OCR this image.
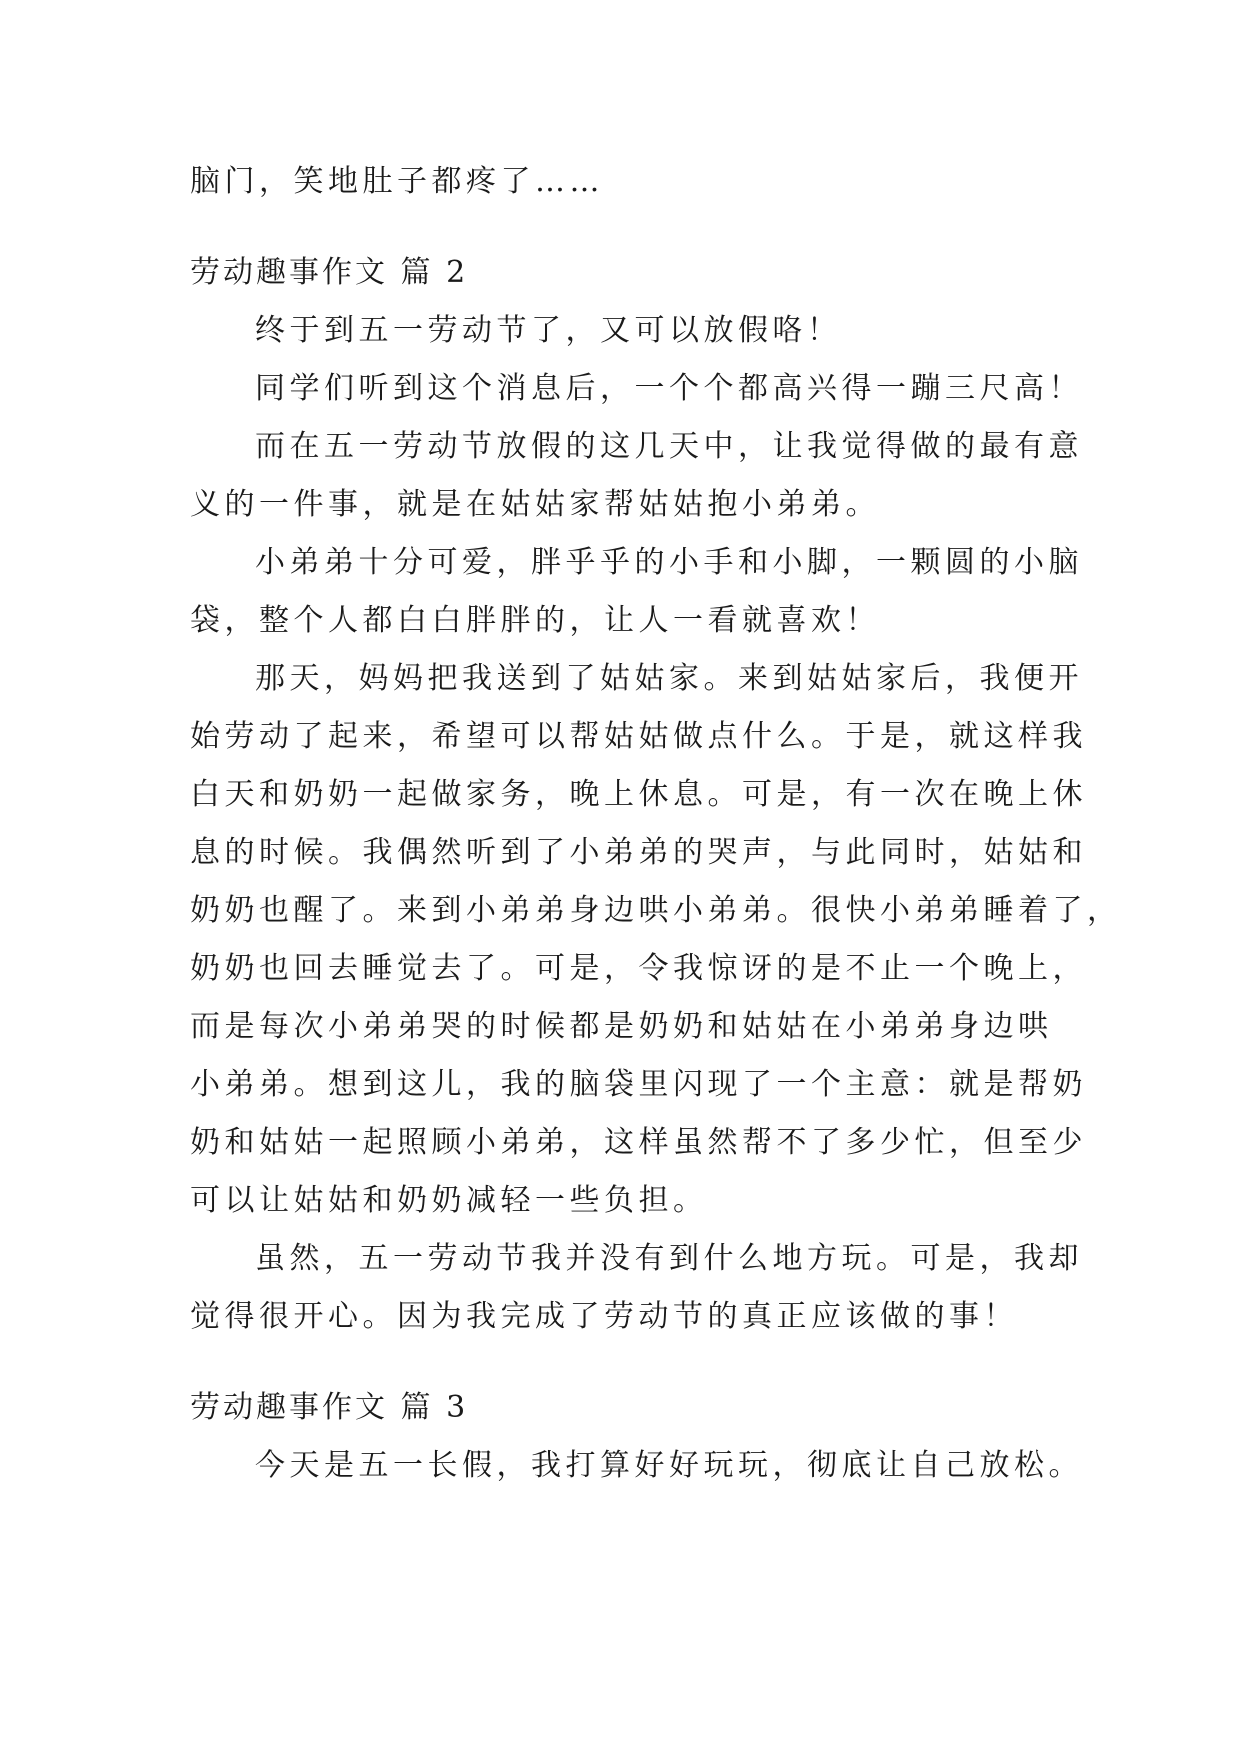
脑门，笑地肚子都疼了……
劳动趣事作文 篇 2
终于到五一劳动节了，又可以放假咯！
同学们听到这个消息后，一个个都高兴得一蹦三尺高！
而在五一劳动节放假的这几天中，让我觉得做的最有意
义的一件事，就是在姑姑家帮姑姑抱小弟弟。
小弟弟十分可爱，胖乎乎的小手和小脚，一颗圆的小脑
袋，整个人都白白胖胖的，让人一看就喜欢！
那天，妈妈把我送到了姑姑家。来到姑姑家后，我便开
始劳动了起来，希望可以帮姑姑做点什么。于是，就这样我
白天和奶奶一起做家务，晚上休息。可是，有一次在晚上休
息的时候。我偶然听到了小弟弟的哭声，与此同时，姑姑和
奶奶也醒了。来到小弟弟身边哄小弟弟。很快小弟弟睡着了，
奶奶也回去睡觉去了。可是，令我惊讶的是不止一个晚上，
而是每次小弟弟哭的时候都是奶奶和姑姑在小弟弟身边哄
小弟弟。想到这儿，我的脑袋里闪现了一个主意：就是帮奶
奶和姑姑一起照顾小弟弟，这样虽然帮不了多少忙，但至少
可以让姑姑和奶奶减轻一些负担。
虽然，五一劳动节我并没有到什么地方玩。可是，我却
觉得很开心。因为我完成了劳动节的真正应该做的事！
劳动趣事作文 篇 3
今天是五一长假，我打算好好玩玩，彻底让自己放松。
